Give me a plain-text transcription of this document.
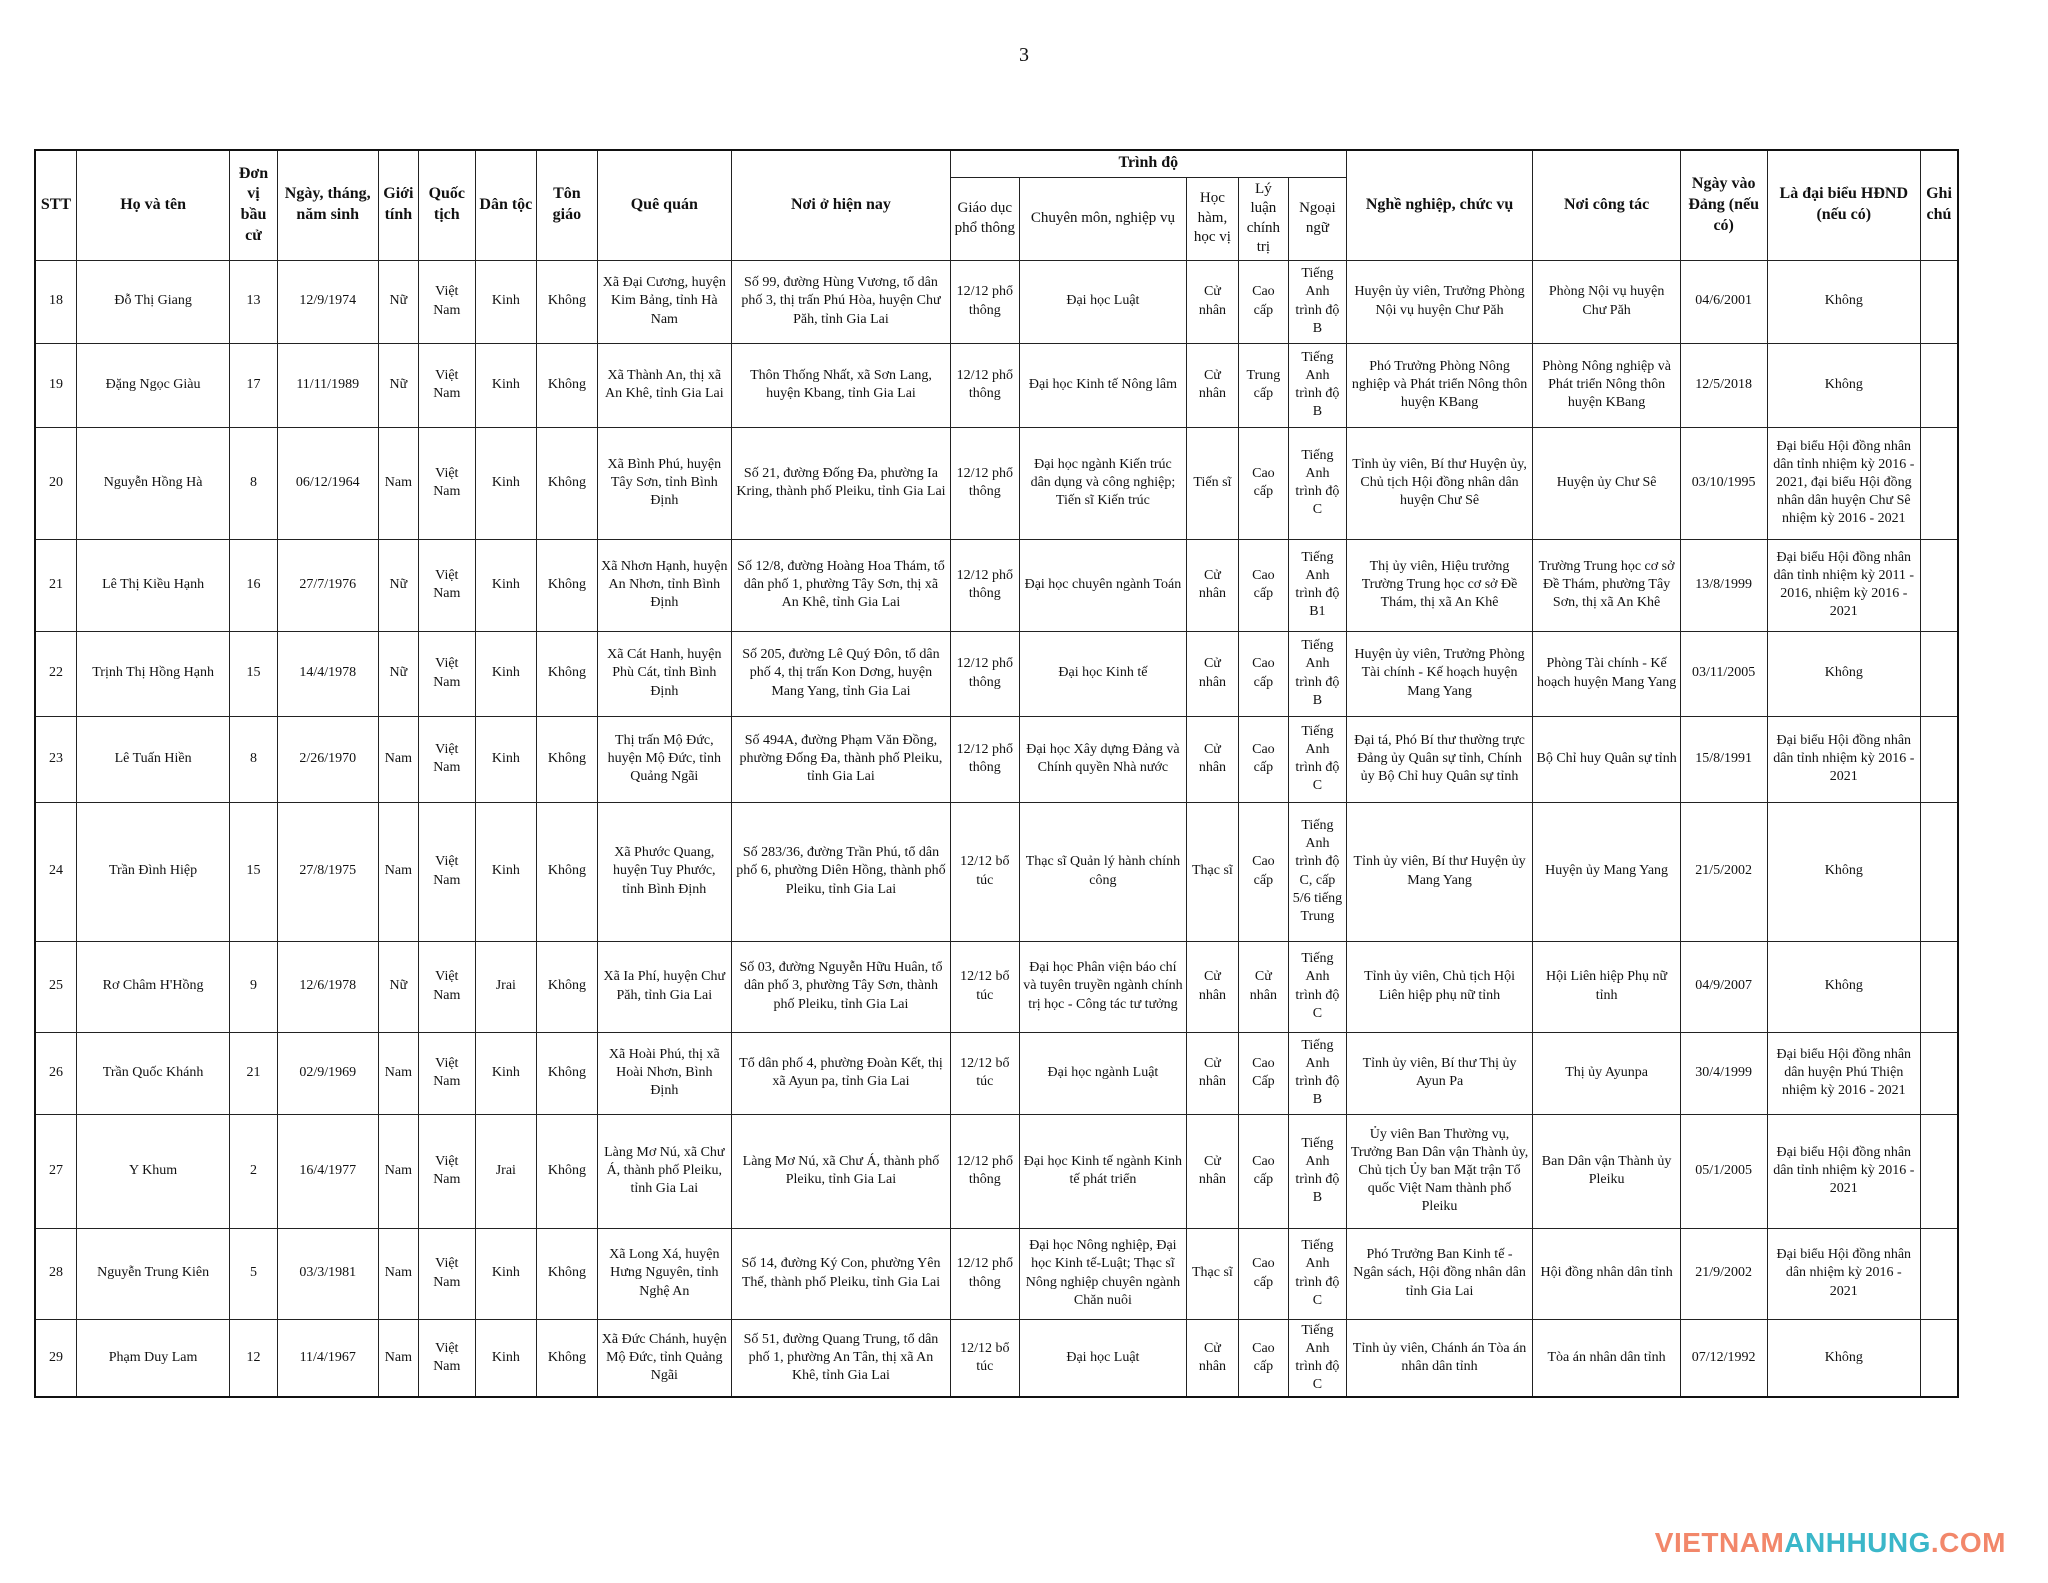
3
STT	Họ và tên	Đơn vị bầu cử	Ngày, tháng, năm sinh	Giới tính	Quốc tịch	Dân tộc	Tôn giáo	Quê quán	Nơi ở hiện nay	Trình độ					Nghề nghiệp, chức vụ	Nơi công tác	Ngày vào Đảng (nếu có)	Là đại biểu HĐND (nếu có)	Ghi chú
										Giáo dục phổ thông	Chuyên môn, nghiệp vụ	Học hàm, học vị	Lý luận chính trị	Ngoại ngữ					
18	Đỗ Thị Giang	13	12/9/1974	Nữ	Việt Nam	Kinh	Không	Xã Đại Cương, huyện Kim Bảng, tỉnh Hà Nam	Số 99, đường Hùng Vương, tổ dân phố 3, thị trấn Phú Hòa, huyện Chư Păh, tỉnh Gia Lai	12/12 phổ thông	Đại học Luật	Cử nhân	Cao cấp	Tiếng Anh trình độ B	Huyện ủy viên, Trưởng Phòng Nội vụ huyện Chư Păh	Phòng Nội vụ huyện Chư Păh	04/6/2001	Không	
19	Đặng Ngọc Giàu	17	11/11/1989	Nữ	Việt Nam	Kinh	Không	Xã Thành An, thị xã An Khê, tỉnh Gia Lai	Thôn Thống Nhất, xã Sơn Lang, huyện Kbang, tỉnh Gia Lai	12/12 phổ thông	Đại học Kinh tế Nông lâm	Cử nhân	Trung cấp	Tiếng Anh trình độ B	Phó Trưởng Phòng Nông nghiệp và Phát triển Nông thôn huyện KBang	Phòng Nông nghiệp và Phát triển Nông thôn huyện KBang	12/5/2018	Không	
20	Nguyễn Hồng Hà	8	06/12/1964	Nam	Việt Nam	Kinh	Không	Xã Bình Phú, huyện Tây Sơn, tỉnh Bình Định	Số 21, đường Đống Đa, phường Ia Kring, thành phố Pleiku, tỉnh Gia Lai	12/12 phổ thông	Đại học ngành Kiến trúc dân dụng và công nghiệp; Tiến sĩ Kiến trúc	Tiến sĩ	Cao cấp	Tiếng Anh trình độ C	Tỉnh ủy viên, Bí thư Huyện ủy, Chủ tịch Hội đồng nhân dân huyện Chư Sê	Huyện ủy Chư Sê	03/10/1995	Đại biểu Hội đồng nhân dân tỉnh nhiệm kỳ 2016 - 2021, đại biểu Hội đồng nhân dân huyện Chư Sê nhiệm kỳ 2016 - 2021	
21	Lê Thị Kiều Hạnh	16	27/7/1976	Nữ	Việt Nam	Kinh	Không	Xã Nhơn Hạnh, huyện An Nhơn, tỉnh Bình Định	Số 12/8, đường Hoàng Hoa Thám, tổ dân phố 1, phường Tây Sơn, thị xã An Khê, tỉnh Gia Lai	12/12 phổ thông	Đại học chuyên ngành Toán	Cử nhân	Cao cấp	Tiếng Anh trình độ B1	Thị ủy viên, Hiệu trưởng Trường Trung học cơ sở Đề Thám, thị xã An Khê	Trường Trung học cơ sở Đề Thám, phường Tây Sơn, thị xã An Khê	13/8/1999	Đại biểu Hội đồng nhân dân tỉnh nhiệm kỳ 2011 - 2016, nhiệm kỳ 2016 - 2021	
22	Trịnh Thị Hồng Hạnh	15	14/4/1978	Nữ	Việt Nam	Kinh	Không	Xã Cát Hanh, huyện Phù Cát, tỉnh Bình Định	Số 205, đường Lê Quý Đôn, tổ dân phố 4, thị trấn Kon Dơng, huyện Mang Yang, tỉnh Gia Lai	12/12 phổ thông	Đại học Kinh tế	Cử nhân	Cao cấp	Tiếng Anh trình độ B	Huyện ủy viên, Trưởng Phòng Tài chính - Kế hoạch huyện Mang Yang	Phòng Tài chính - Kế hoạch huyện Mang Yang	03/11/2005	Không	
23	Lê Tuấn Hiền	8	2/26/1970	Nam	Việt Nam	Kinh	Không	Thị trấn Mộ Đức, huyện Mộ Đức, tỉnh Quảng Ngãi	Số 494A, đường Phạm Văn Đồng, phường Đống Đa, thành phố Pleiku, tỉnh Gia Lai	12/12 phổ thông	Đại học Xây dựng Đảng và Chính quyền Nhà nước	Cử nhân	Cao cấp	Tiếng Anh trình độ C	Đại tá, Phó Bí thư thường trực Đảng ủy Quân sự tỉnh, Chính ủy Bộ Chỉ huy Quân sự tỉnh	Bộ Chỉ huy Quân sự tỉnh	15/8/1991	Đại biểu Hội đồng nhân dân tỉnh nhiệm kỳ 2016 - 2021	
24	Trần Đình Hiệp	15	27/8/1975	Nam	Việt Nam	Kinh	Không	Xã Phước Quang, huyện Tuy Phước, tỉnh Bình Định	Số 283/36, đường Trần Phú, tổ dân phố 6, phường Diên Hồng, thành phố Pleiku, tỉnh Gia Lai	12/12 bổ túc	Thạc sĩ Quản lý hành chính công	Thạc sĩ	Cao cấp	Tiếng Anh trình độ C, cấp 5/6 tiếng Trung	Tỉnh ủy viên, Bí thư Huyện ủy Mang Yang	Huyện ủy Mang Yang	21/5/2002	Không	
25	Rơ Châm H'Hồng	9	12/6/1978	Nữ	Việt Nam	Jrai	Không	Xã Ia Phí, huyện Chư Păh, tỉnh Gia Lai	Số 03, đường Nguyễn Hữu Huân, tổ dân phố 3, phường Tây Sơn, thành phố Pleiku, tỉnh Gia Lai	12/12 bổ túc	Đại học Phân viện báo chí và tuyên truyền ngành chính trị học - Công tác tư tưởng	Cử nhân	Cử nhân	Tiếng Anh trình độ C	Tỉnh ủy viên, Chủ tịch Hội Liên hiệp phụ nữ tỉnh	Hội Liên hiệp Phụ nữ tỉnh	04/9/2007	Không	
26	Trần Quốc Khánh	21	02/9/1969	Nam	Việt Nam	Kinh	Không	Xã Hoài Phú, thị xã Hoài Nhơn, Bình Định	Tổ dân phố 4, phường Đoàn Kết, thị xã Ayun pa, tỉnh Gia Lai	12/12 bổ túc	Đại học ngành Luật	Cử nhân	Cao Cấp	Tiếng Anh trình độ B	Tỉnh ủy viên, Bí thư Thị ủy Ayun Pa	Thị ủy Ayunpa	30/4/1999	Đại biểu Hội đồng nhân dân huyện Phú Thiện nhiệm kỳ 2016 - 2021	
27	Y Khum	2	16/4/1977	Nam	Việt Nam	Jrai	Không	Làng Mơ Nú, xã Chư Á, thành phố Pleiku, tỉnh Gia Lai	Làng Mơ Nú, xã Chư Á, thành phố Pleiku, tỉnh Gia Lai	12/12 phổ thông	Đại học Kinh tế ngành Kinh tế phát triển	Cử nhân	Cao cấp	Tiếng Anh trình độ B	Ủy viên Ban Thường vụ, Trưởng Ban Dân vận Thành ủy, Chủ tịch Ủy ban Mặt trận Tổ quốc Việt Nam thành phố Pleiku	Ban Dân vận Thành ủy Pleiku	05/1/2005	Đại biểu Hội đồng nhân dân tỉnh nhiệm kỳ 2016 - 2021	
28	Nguyễn Trung Kiên	5	03/3/1981	Nam	Việt Nam	Kinh	Không	Xã Long Xá, huyện Hưng Nguyên, tỉnh Nghệ An	Số 14, đường Ký Con, phường Yên Thế, thành phố Pleiku, tỉnh Gia Lai	12/12 phổ thông	Đại học Nông nghiệp, Đại học Kinh tế-Luật; Thạc sĩ Nông nghiệp chuyên ngành Chăn nuôi	Thạc sĩ	Cao cấp	Tiếng Anh trình độ C	Phó Trưởng Ban Kinh tế - Ngân sách, Hội đồng nhân dân tỉnh Gia Lai	Hội đồng nhân dân tỉnh	21/9/2002	Đại biểu Hội đồng nhân dân nhiệm kỳ 2016 - 2021	
29	Phạm Duy Lam	12	11/4/1967	Nam	Việt Nam	Kinh	Không	Xã Đức Chánh, huyện Mộ Đức, tỉnh Quảng Ngãi	Số 51, đường Quang Trung, tổ dân phố 1, phường An Tân, thị xã An Khê, tỉnh Gia Lai	12/12 bổ túc	Đại học Luật	Cử nhân	Cao cấp	Tiếng Anh trình độ C	Tỉnh ủy viên, Chánh án Tòa án nhân dân tỉnh	Tòa án nhân dân tỉnh	07/12/1992	Không	
VIETNAMANHHUNG.COM
